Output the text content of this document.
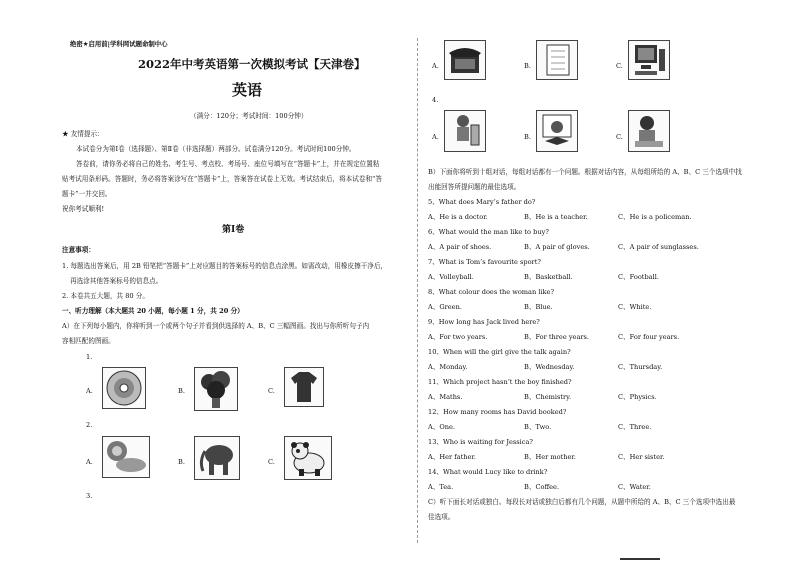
绝密★启用前|学科网试题命制中心
2022年中考英语第一次模拟考试【天津卷】
英语
（满分：120分；考试时间：100分钟）
★ 友情提示：
本试卷分为第Ⅰ卷（选择题）、第Ⅱ卷（非选择题）两部分。试卷满分120分。考试时间100分钟。
答卷前，请你务必将自己的姓名、考生号、考点校、考场号、座位号填写在“答题卡”上，并在规定位置粘
贴考试用条形码。答题时，务必将答案涂写在“答题卡”上，答案答在试卷上无效。考试结束后，将本试卷和“答
题卡”一并交回。
祝你考试顺利!
第Ⅰ卷
注意事项：
1. 每题选出答案后，用 2B 铅笔把“答题卡”上对应题目的答案标号的信息点涂黑。如需改动，用橡皮擦干净后，
再选涂其他答案标号的信息点。
2. 本卷共五大题，共 80 分。
一、听力理解（本大题共 20 小题，每小题 1 分，共 20 分）
A）在下列每小题内，你将听到一个或两个句子并看到供选择的 A、B、C 三幅图画。找出与你所听句子内
容相匹配的图画。
1.
A.	B.	C.
2.
A.	B.	C.
3.
A.	B.	C.
4.
A.	B.	C.
B）下面你将听到十组对话，每组对话都有一个问题。根据对话内容，从每组所给的 A、B、C 三个选项中找
出能回答所提问题的最佳选项。
5、What does Mary’s father do?
A、He is a doctor.	B、He is a teacher.	C、He is a policeman.
6、What would the man like to buy?
A、A pair of shoes.	B、A pair of gloves.	C、A pair of sunglasses.
7、What is Tom’s favourite sport?
A、Volleyball.	B、Basketball.	C、Football.
8、What colour does the woman like?
A、Green.	B、Blue.	C、White.
9、How long has Jack lived here?
A、For two years.	B、For three years.	C、For four years.
10、When will the girl give the talk again?
A、Monday.	B、Wednesday.	C、Thursday.
11、Which project hasn’t the boy finished?
A、Maths.	B、Chemistry.	C、Physics.
12、How many rooms has David booked?
A、One.	B、Two.	C、Three.
13、Who is waiting for Jessica?
A、Her father.	B、Her mother.	C、Her sister.
14、What would Lucy like to drink?
A、Tea.	B、Coffee.	C、Water.
C）听下面长对话或独白。每段长对话或独白后都有几个问题，从题中所给的 A、B、C 三个选项中选出最
佳选项。
